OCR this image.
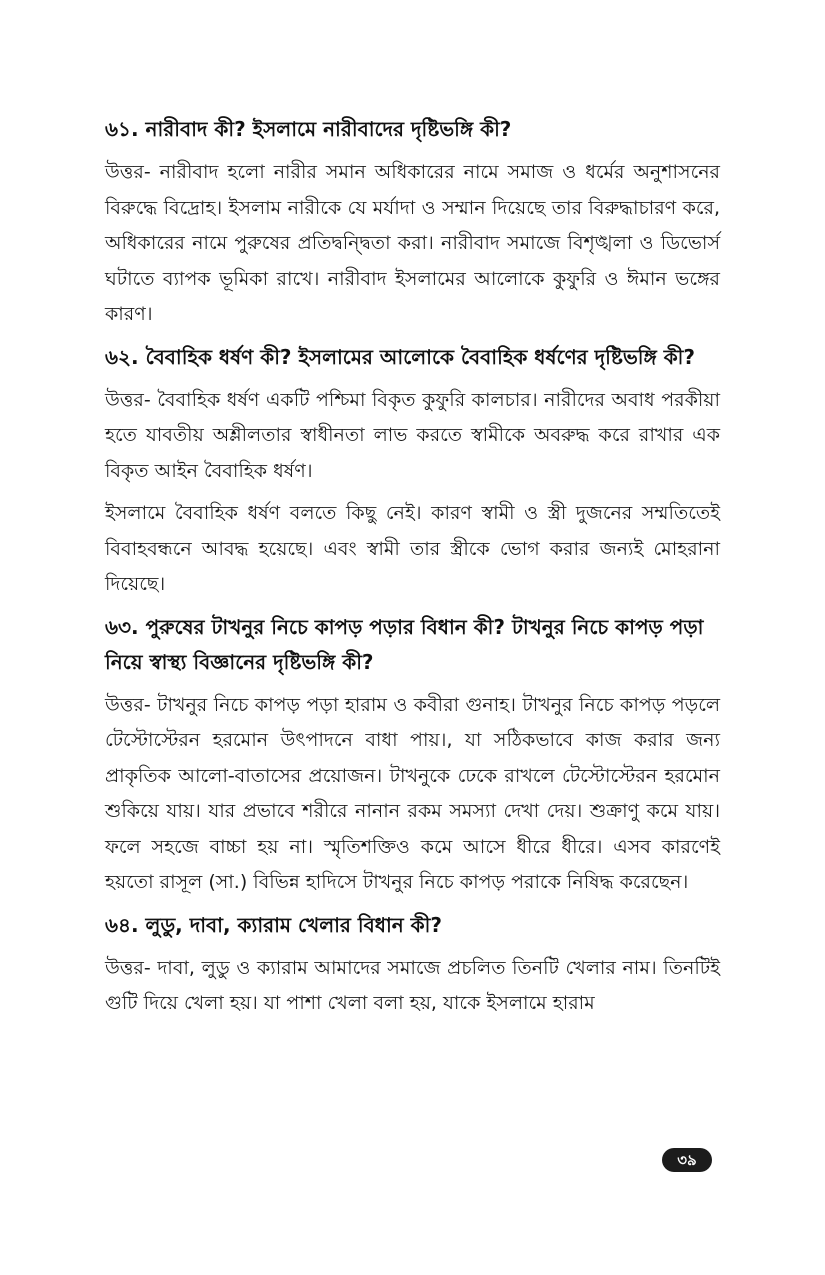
৬১. নারীবাদ কী? ইসলামে নারীবাদের দৃষ্টিভঙ্গি কী?

উত্তর- নারীবাদ হলো নারীর সমান অধিকারের নামে সমাজ ও ধর্মের অনুশাসনের বিরুদ্ধে বিদ্রোহ। ইসলাম নারীকে যে মর্যাদা ও সম্মান দিয়েছে তার বিরুদ্ধাচারণ করে, অধিকারের নামে পুরুষের প্রতিদ্বন্দ্বিতা করা। নারীবাদ সমাজে বিশৃঙ্খলা ও ডিভোর্স ঘটাতে ব্যাপক ভূমিকা রাখে। নারীবাদ ইসলামের আলোকে কুফুরি ও ঈমান ভঙ্গের কারণ।

৬২. বৈবাহিক ধর্ষণ কী? ইসলামের আলোকে বৈবাহিক ধর্ষণের দৃষ্টিভঙ্গি কী?

উত্তর- বৈবাহিক ধর্ষণ একটি পশ্চিমা বিকৃত কুফুরি কালচার। নারীদের অবাধ পরকীয়া হতে যাবতীয় অশ্লীলতার স্বাধীনতা লাভ করতে স্বামীকে অবরুদ্ধ করে রাখার এক বিকৃত আইন বৈবাহিক ধর্ষণ।

ইসলামে বৈবাহিক ধর্ষণ বলতে কিছু নেই। কারণ স্বামী ও স্ত্রী দুজনের সম্মতিতেই বিবাহবন্ধনে আবদ্ধ হয়েছে। এবং স্বামী তার স্ত্রীকে ভোগ করার জন্যই মোহরানা দিয়েছে।

৬৩. পুরুষের টাখনুর নিচে কাপড় পড়ার বিধান কী? টাখনুর নিচে কাপড় পড়া নিয়ে স্বাস্থ্য বিজ্ঞানের দৃষ্টিভঙ্গি কী?

উত্তর- টাখনুর নিচে কাপড় পড়া হারাম ও কবীরা গুনাহ। টাখনুর নিচে কাপড় পড়লে টেস্টোস্টেরন হরমোন উৎপাদনে বাধা পায়।, যা সঠিকভাবে কাজ করার জন্য প্রাকৃতিক আলো-বাতাসের প্রয়োজন। টাখনুকে ঢেকে রাখলে টেস্টোস্টেরন হরমোন শুকিয়ে যায়। যার প্রভাবে শরীরে নানান রকম সমস্যা দেখা দেয়। শুক্রাণু কমে যায়। ফলে সহজে বাচ্চা হয় না। স্মৃতিশক্তিও কমে আসে ধীরে ধীরে। এসব কারণেই হয়তো রাসূল (সা.) বিভিন্ন হাদিসে টাখনুর নিচে কাপড় পরাকে নিষিদ্ধ করেছেন।

৬৪. লুডু, দাবা, ক্যারাম খেলার বিধান কী?

উত্তর- দাবা, লুডু ও ক্যারাম আমাদের সমাজে প্রচলিত তিনটি খেলার নাম। তিনটিই গুটি দিয়ে খেলা হয়। যা পাশা খেলা বলা হয়, যাকে ইসলামে হারাম

৩৯
